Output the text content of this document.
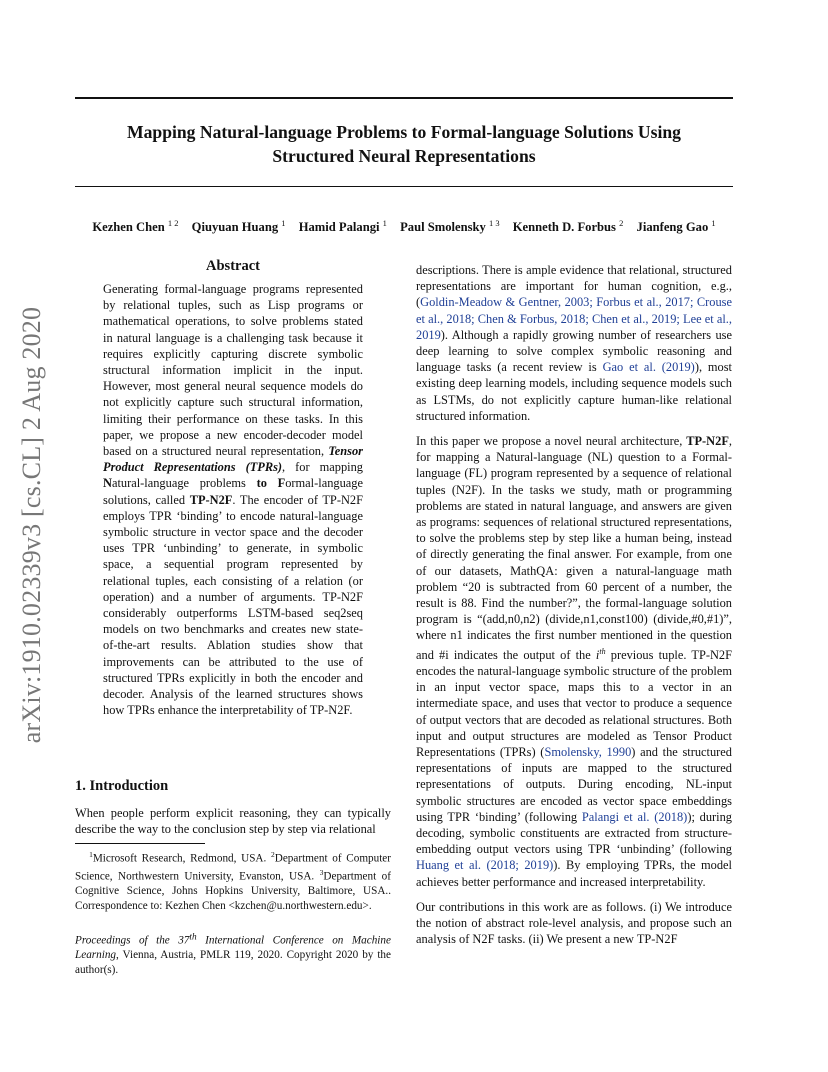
arXiv:1910.02339v3 [cs.CL] 2 Aug 2020
Mapping Natural-language Problems to Formal-language Solutions Using
Structured Neural Representations
Kezhen Chen $^{1 2}$ Qiuyuan Huang $^1$ Hamid Palangi $^1$ Paul Smolensky $^{1 3}$ Kenneth D. Forbus $^2$ Jianfeng Gao $^1$
Abstract
Generating formal-language programs represented by relational tuples, such as Lisp programs or mathematical operations, to solve problems stated in natural language is a challenging task because it requires explicitly capturing discrete symbolic structural information implicit in the input. However, most general neural sequence models do not explicitly capture such structural information, limiting their performance on these tasks. In this paper, we propose a new encoder-decoder model based on a structured neural representation, Tensor Product Representations (TPRs), for mapping Natural-language problems to Formal-language solutions, called TP-N2F. The encoder of TP-N2F employs TPR ‘binding’ to encode natural-language symbolic structure in vector space and the decoder uses TPR ‘unbinding’ to generate, in symbolic space, a sequential program represented by relational tuples, each consisting of a relation (or operation) and a number of arguments. TP-N2F considerably outperforms LSTM-based seq2seq models on two benchmarks and creates new state-of-the-art results. Ablation studies show that improvements can be attributed to the use of structured TPRs explicitly in both the encoder and decoder. Analysis of the learned structures shows how TPRs enhance the interpretability of TP-N2F.
1. Introduction
When people perform explicit reasoning, they can typically describe the way to the conclusion step by step via relational
$^1$Microsoft Research, Redmond, USA. $^2$Department of Computer Science, Northwestern University, Evanston, USA. $^3$Department of Cognitive Science, Johns Hopkins University, Baltimore, USA.. Correspondence to: Kezhen Chen <kzchen@u.northwestern.edu>.
Proceedings of the 37th International Conference on Machine Learning, Vienna, Austria, PMLR 119, 2020. Copyright 2020 by the author(s).

descriptions. There is ample evidence that relational, structured representations are important for human cognition, e.g., (Goldin-Meadow & Gentner, 2003; Forbus et al., 2017; Crouse et al., 2018; Chen & Forbus, 2018; Chen et al., 2019; Lee et al., 2019). Although a rapidly growing number of researchers use deep learning to solve complex symbolic reasoning and language tasks (a recent review is Gao et al. (2019)), most existing deep learning models, including sequence models such as LSTMs, do not explicitly capture human-like relational structured information.

In this paper we propose a novel neural architecture, TP-N2F, for mapping a Natural-language (NL) question to a Formal-language (FL) program represented by a sequence of relational tuples (N2F). In the tasks we study, math or programming problems are stated in natural language, and answers are given as programs: sequences of relational structured representations, to solve the problems step by step like a human being, instead of directly generating the final answer. For example, from one of our datasets, MathQA: given a natural-language math problem “20 is subtracted from 60 percent of a number, the result is 88. Find the number?”, the formal-language solution program is “(add,n0,n2) (divide,n1,const100) (divide,#0,#1)”, where n1 indicates the first number mentioned in the question and #i indicates the output of the $i^{th}$ previous tuple. TP-N2F encodes the natural-language symbolic structure of the problem in an input vector space, maps this to a vector in an intermediate space, and uses that vector to produce a sequence of output vectors that are decoded as relational structures. Both input and output structures are modeled as Tensor Product Representations (TPRs) (Smolensky, 1990) and the structured representations of inputs are mapped to the structured representations of outputs. During encoding, NL-input symbolic structures are encoded as vector space embeddings using TPR ‘binding’ (following Palangi et al. (2018)); during decoding, symbolic constituents are extracted from structure-embedding output vectors using TPR ‘unbinding’ (following Huang et al. (2018; 2019)). By employing TPRs, the model achieves better performance and increased interpretability.

Our contributions in this work are as follows. (i) We introduce the notion of abstract role-level analysis, and propose such an analysis of N2F tasks. (ii) We present a new TP-N2F
